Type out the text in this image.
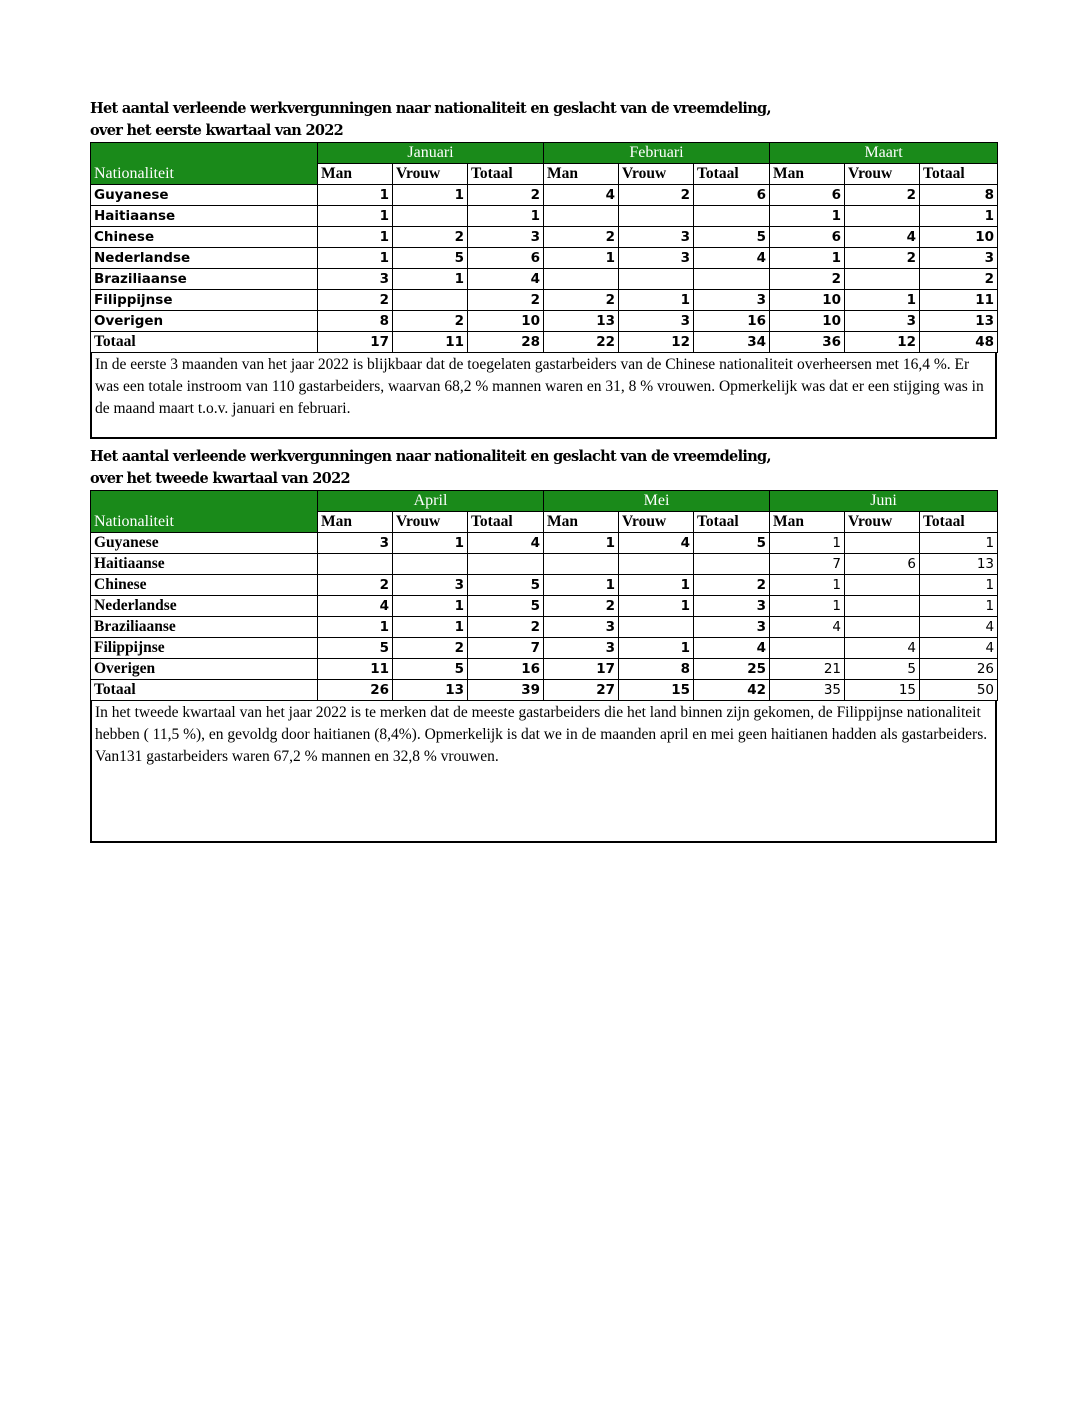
Het aantal verleende werkvergunningen naar nationaliteit en geslacht van de vreemdeling,
over het eerste kwartaal van 2022
	Januari			Februari			Maart		
Nationaliteit	Man	Vrouw	Totaal	Man	Vrouw	Totaal	Man	Vrouw	Totaal
Guyanese	1	1	2	4	2	6	6	2	8
Haitiaanse	1		1				1		1
Chinese	1	2	3	2	3	5	6	4	10
Nederlandse	1	5	6	1	3	4	1	2	3
Braziliaanse	3	1	4				2		2
Filippijnse	2		2	2	1	3	10	1	11
Overigen	8	2	10	13	3	16	10	3	13
Totaal	17	11	28	22	12	34	36	12	48

In de eerste 3 maanden van het jaar 2022 is blijkbaar dat de toegelaten gastarbeiders van de Chinese nationaliteit overheersen met 16,4 %. Er was een totale instroom van 110 gastarbeiders, waarvan 68,2 % mannen waren en 31, 8 % vrouwen. Opmerkelijk was dat er een stijging was in de maand maart t.o.v. januari en februari.

Het aantal verleende werkvergunningen naar nationaliteit en geslacht van de vreemdeling,
over het tweede kwartaal van 2022
	April			Mei			Juni		
Nationaliteit	Man	Vrouw	Totaal	Man	Vrouw	Totaal	Man	Vrouw	Totaal
Guyanese	3	1	4	1	4	5	1		1
Haitiaanse							7	6	13
Chinese	2	3	5	1	1	2	1		1
Nederlandse	4	1	5	2	1	3	1		1
Braziliaanse	1	1	2	3		3	4		4
Filippijnse	5	2	7	3	1	4		4	4
Overigen	11	5	16	17	8	25	21	5	26
Totaal	26	13	39	27	15	42	35	15	50

In het tweede kwartaal van het jaar 2022 is te merken dat de meeste gastarbeiders die het land binnen zijn gekomen, de Filippijnse nationaliteit hebben ( 11,5 %), en gevoldg door haitianen (8,4%). Opmerkelijk is dat we in de maanden april en mei geen haitianen hadden als gastarbeiders. Van131 gastarbeiders waren 67,2 % mannen en 32,8 % vrouwen.
